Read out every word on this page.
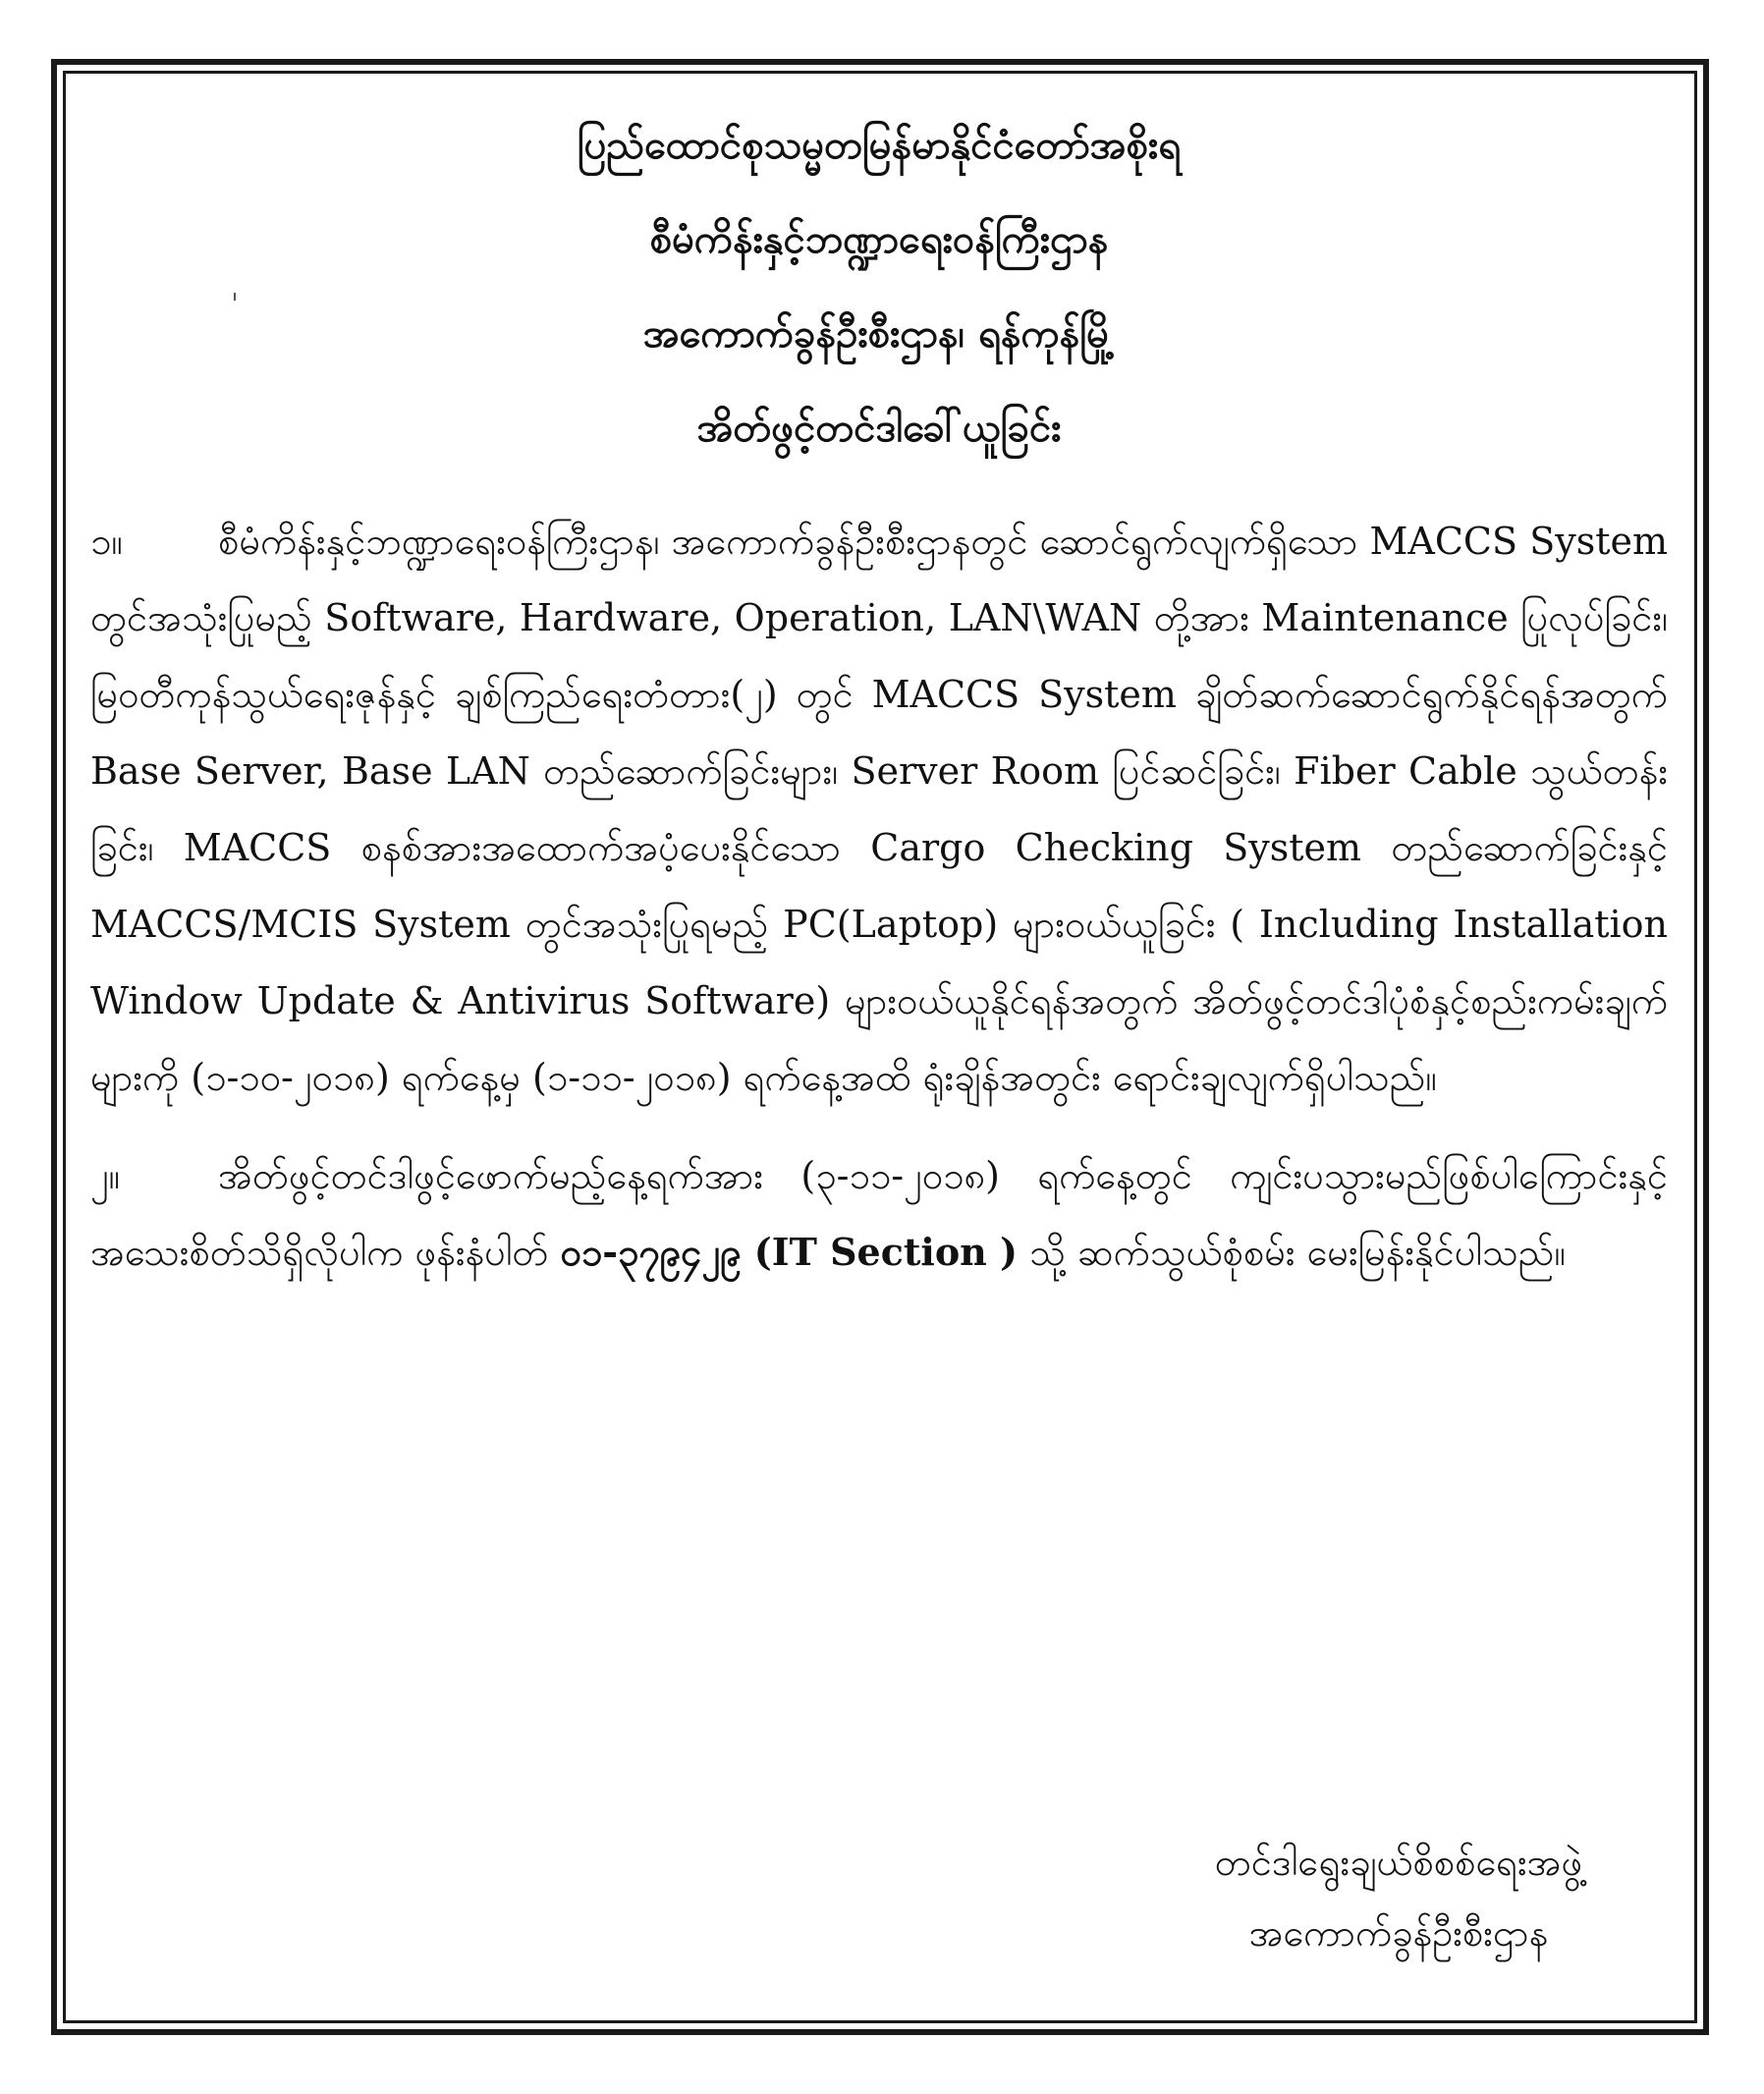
ပြည်ထောင်စုသမ္မတမြန်မာနိုင်ငံတော်အစိုးရ
စီမံကိန်းနှင့်ဘဏ္ဍာရေးဝန်ကြီးဌာန
အကောက်ခွန်ဦးစီးဌာန၊ ရန်ကုန်မြို့
အိတ်ဖွင့်တင်ဒါခေါ်ယူခြင်း

၁။	စီမံကိန်းနှင့်ဘဏ္ဍာရေးဝန်ကြီးဌာန၊ အကောက်ခွန်ဦးစီးဌာနတွင် ဆောင်ရွက်လျက်ရှိသော MACCS System တွင်အသုံးပြုမည့် Software, Hardware, Operation, LAN\WAN တို့အား Maintenance ပြုလုပ်ခြင်း၊ မြဝတီကုန်သွယ်ရေးဇုန်နှင့် ချစ်ကြည်ရေးတံတား(၂) တွင် MACCS System ချိတ်ဆက်ဆောင်ရွက်နိုင်ရန်အတွက် Base Server, Base LAN တည်ဆောက်ခြင်းများ၊ Server Room ပြင်ဆင်ခြင်း၊ Fiber Cable သွယ်တန်းခြင်း၊ MACCS စနစ်အားအထောက်အပံ့ပေးနိုင်သော Cargo Checking System တည်ဆောက်ခြင်းနှင့် MACCS/MCIS System တွင်အသုံးပြုရမည့် PC(Laptop) များဝယ်ယူခြင်း ( Including Installation Window Update & Antivirus Software) များဝယ်ယူနိုင်ရန်အတွက် အိတ်ဖွင့်တင်ဒါပုံစံနှင့်စည်းကမ်းချက်များကို (၁-၁၀-၂၀၁၈) ရက်နေ့မှ (၁-၁၁-၂၀၁၈) ရက်နေ့အထိ ရုံးချိန်အတွင်း ရောင်းချလျက်ရှိပါသည်။

၂။	အိတ်ဖွင့်တင်ဒါဖွင့်ဖောက်မည့်နေ့ရက်အား (၃-၁၁-၂၀၁၈) ရက်နေ့တွင် ကျင်းပသွားမည်ဖြစ်ပါကြောင်းနှင့် အသေးစိတ်သိရှိလိုပါက ဖုန်းနံပါတ် ၀၁-၃၇၉၄၂၉ (IT Section ) သို့ ဆက်သွယ်စုံစမ်း မေးမြန်းနိုင်ပါသည်။

တင်ဒါရွေးချယ်စိစစ်ရေးအဖွဲ့
အကောက်ခွန်ဦးစီးဌာန
